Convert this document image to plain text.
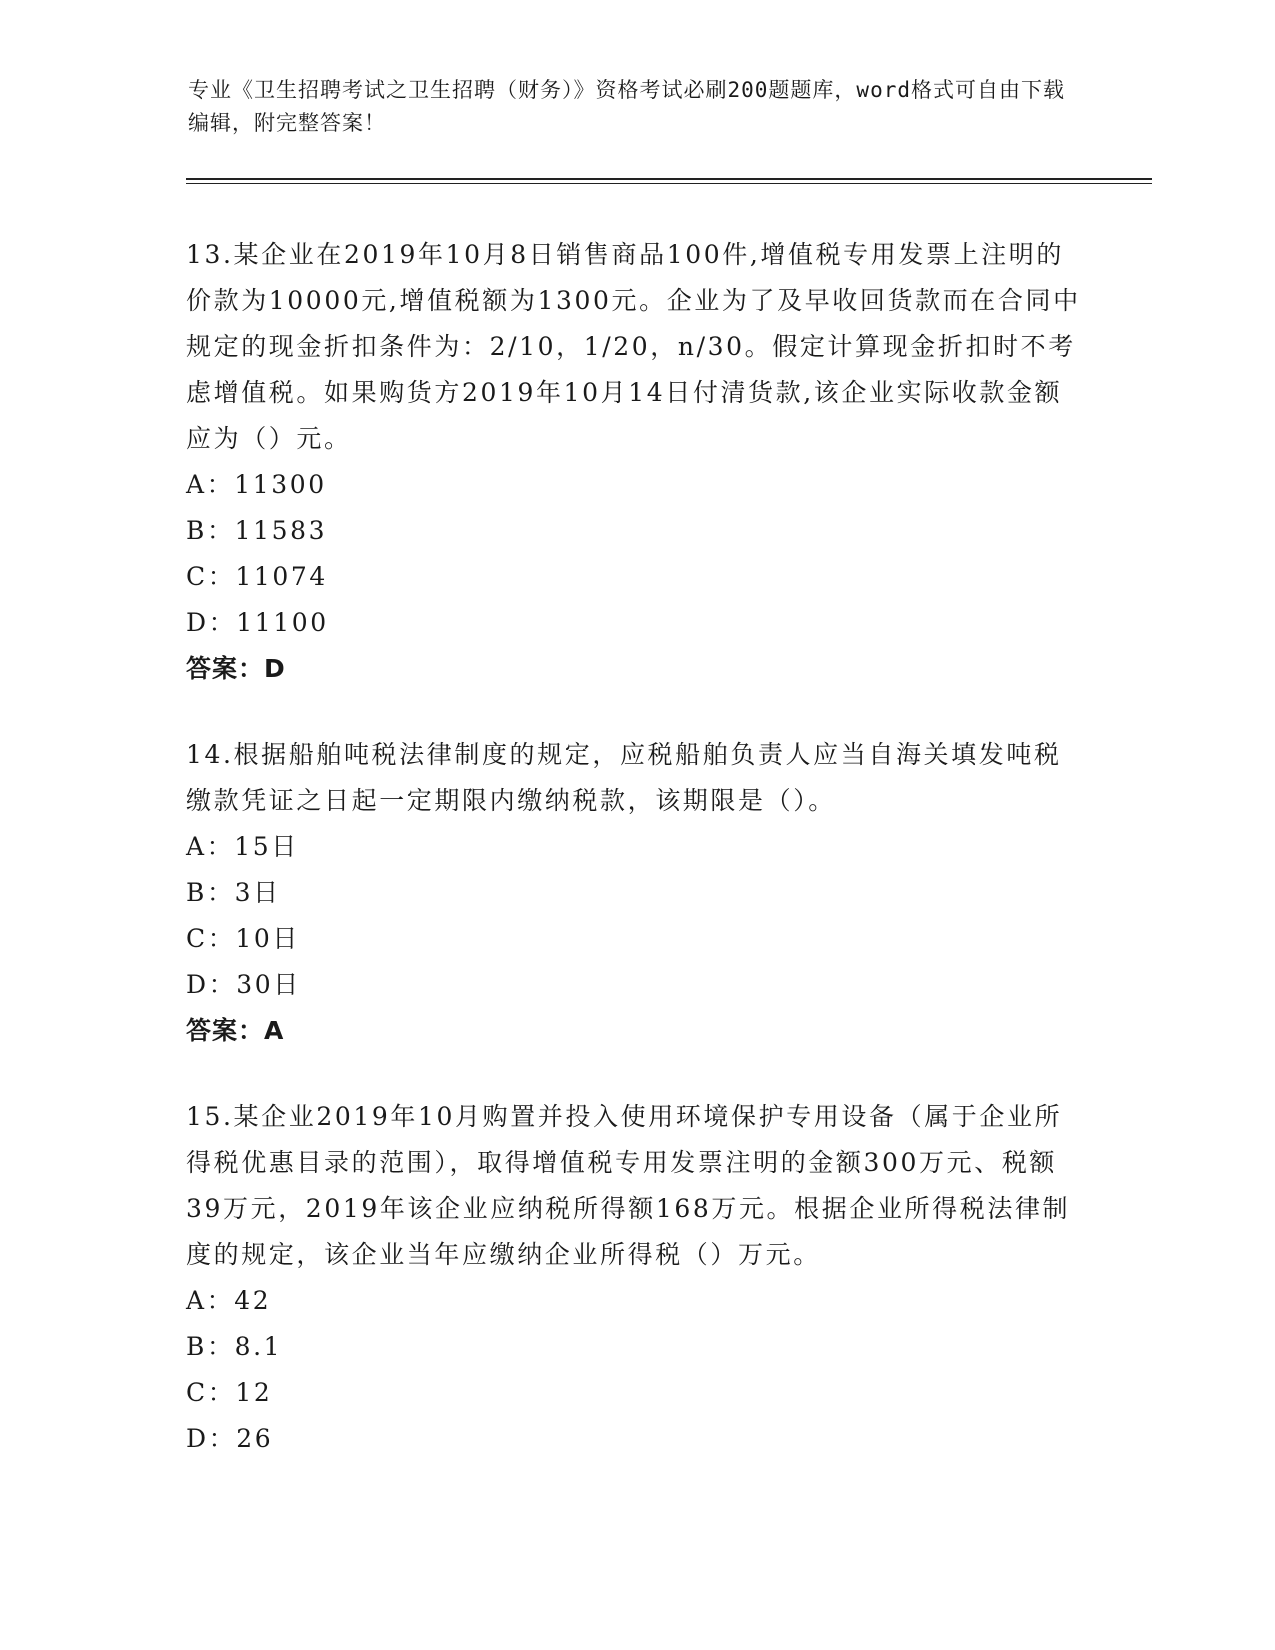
专业《卫生招聘考试之卫生招聘（财务）》资格考试必刷200题题库，word格式可自由下载编辑，附完整答案！

13.某企业在2019年10月8日销售商品100件,增值税专用发票上注明的价款为10000元,增值税额为1300元。企业为了及早收回货款而在合同中规定的现金折扣条件为：2/10，1/20，n/30。假定计算现金折扣时不考虑增值税。如果购货方2019年10月14日付清货款,该企业实际收款金额应为（）元。

A：11300
B：11583
C：11074
D：11100

答案：D

14.根据船舶吨税法律制度的规定，应税船舶负责人应当自海关填发吨税缴款凭证之日起一定期限内缴纳税款，该期限是（）。

A：15日
B：3日
C：10日
D：30日

答案：A

15.某企业2019年10月购置并投入使用环境保护专用设备（属于企业所得税优惠目录的范围），取得增值税专用发票注明的金额300万元、税额39万元，2019年该企业应纳税所得额168万元。根据企业所得税法律制度的规定，该企业当年应缴纳企业所得税（）万元。

A：42
B：8.1
C：12
D：26
